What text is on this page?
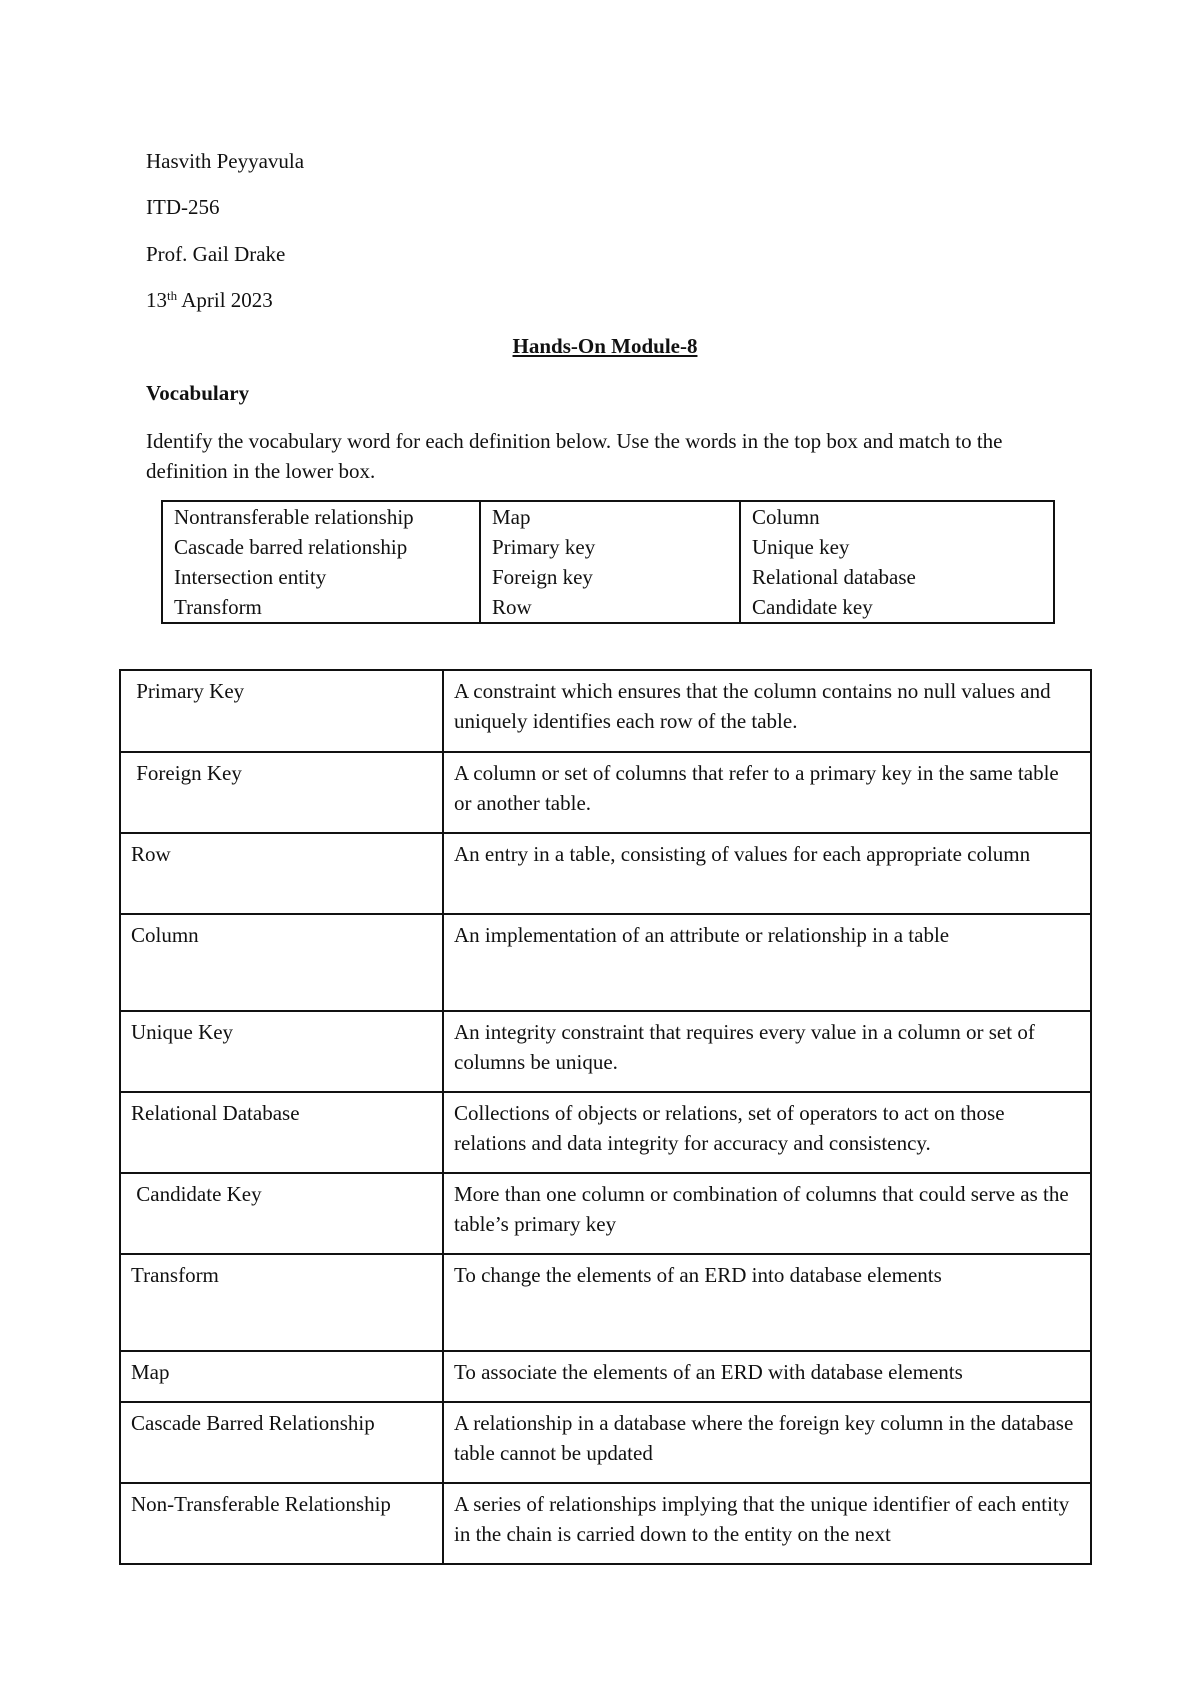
Hasvith Peyyavula
ITD-256
Prof. Gail Drake
13th April 2023
Hands-On Module-8
Vocabulary
Identify the vocabulary word for each definition below. Use the words in the top box and match to the definition in the lower box.
Nontransferable relationship	Map	Column
Cascade barred relationship	Primary key	Unique key
Intersection entity	Foreign key	Relational database
Transform	Row	Candidate key
Primary Key	A constraint which ensures that the column contains no null values and uniquely identifies each row of the table.
Foreign Key	A column or set of columns that refer to a primary key in the same table or another table.
Row	An entry in a table, consisting of values for each appropriate column
Column	An implementation of an attribute or relationship in a table
Unique Key	An integrity constraint that requires every value in a column or set of columns be unique.
Relational Database	Collections of objects or relations, set of operators to act on those relations and data integrity for accuracy and consistency.
Candidate Key	More than one column or combination of columns that could serve as the table’s primary key
Transform	To change the elements of an ERD into database elements
Map	To associate the elements of an ERD with database elements
Cascade Barred Relationship	A relationship in a database where the foreign key column in the database table cannot be updated
Non-Transferable Relationship	A series of relationships implying that the unique identifier of each entity in the chain is carried down to the entity on the next
